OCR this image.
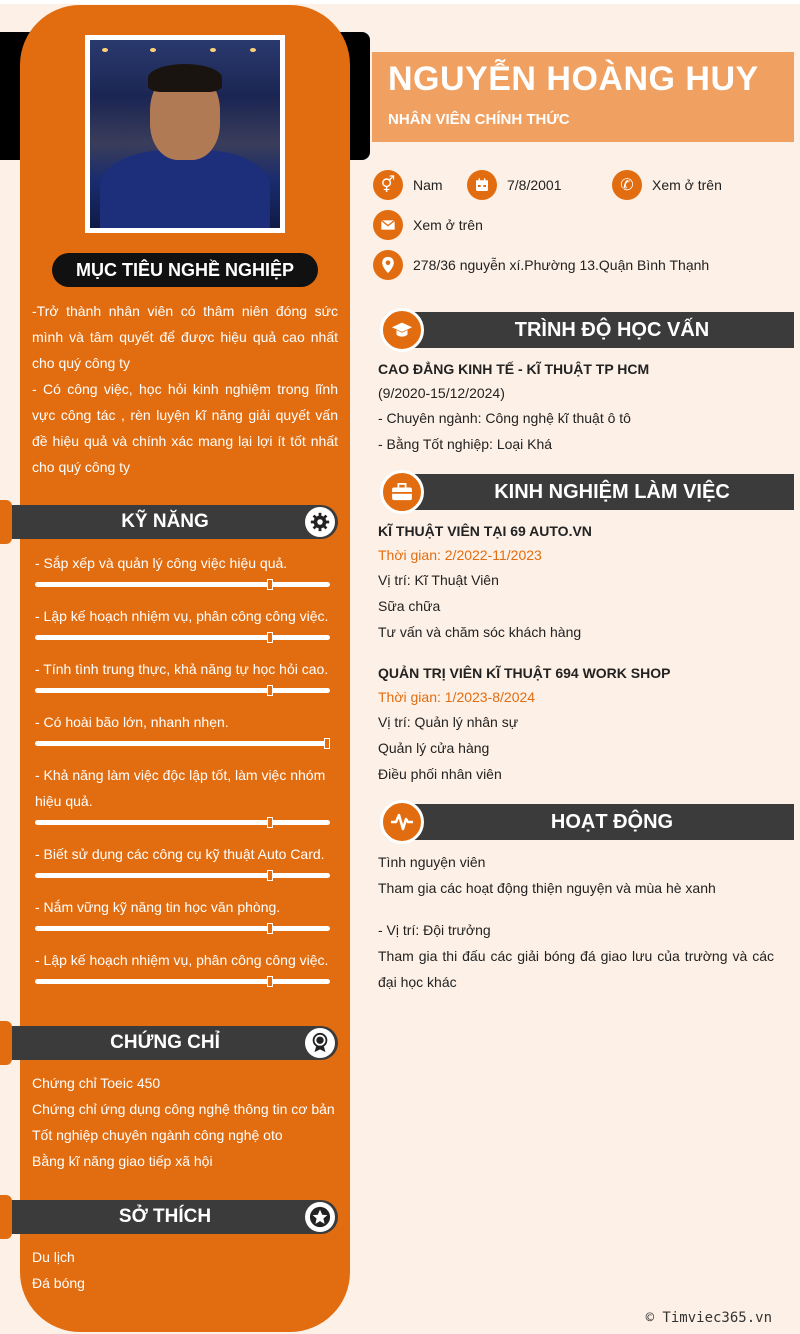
MỤC TIÊU NGHỀ NGHIỆP

-Trở thành nhân viên có thâm niên đóng sức mình và tâm quyết để được hiệu quả cao nhất cho quý công ty

- Có công việc, học hỏi kinh nghiệm trong lĩnh vực công tác , rèn luyện kĩ năng giải quyết vấn đề hiệu quả và chính xác mang lại lợi ít tốt nhất cho quý công ty

KỸ NĂNG
- Sắp xếp và quản lý công việc hiệu quả.
- Lập kế hoạch nhiệm vụ, phân công công việc.
- Tính tình trung thực, khả năng tự học hỏi cao.
- Có hoài bão lớn, nhanh nhẹn.
- Khả năng làm việc độc lập tốt, làm việc nhóm hiệu quả.
- Biết sử dụng các công cụ kỹ thuật Auto Card.
- Nắm vững kỹ năng tin học văn phòng.
- Lập kế hoạch nhiệm vụ, phân công công việc.
CHỨNG CHỈ
Chứng chỉ Toeic 450
Chứng chỉ ứng dụng công nghệ thông tin cơ bản
Tốt nghiệp chuyên ngành công nghệ oto
Bằng kĩ năng giao tiếp xã hội
SỞ THÍCH
Du lịch
Đá bóng
NGUYỄN HOÀNG HUY
NHÂN VIÊN CHÍNH THỨC
⚥	Nam	7/8/2001	✆	Xem ở trên
Xem ở trên
278/36 nguyễn xí.Phường 13.Quận Bình Thạnh
TRÌNH ĐỘ HỌC VẤN
CAO ĐẲNG KINH TẾ - KĨ THUẬT TP HCM
(9/2020-15/12/2024)
- Chuyên ngành: Công nghệ kĩ thuật ô tô
- Bằng Tốt nghiệp: Loại Khá
KINH NGHIỆM LÀM VIỆC
KĨ THUẬT VIÊN TẠI 69 AUTO.VN
Thời gian: 2/2022-11/2023
Vị trí: Kĩ Thuật Viên
Sữa chữa
Tư vấn và chăm sóc khách hàng
QUẢN TRỊ VIÊN KĨ THUẬT 694 WORK SHOP
Thời gian: 1/2023-8/2024
Vị trí: Quản lý nhân sự
Quản lý cửa hàng
Điều phối nhân viên
HOẠT ĐỘNG
Tình nguyện viên
Tham gia các hoạt động thiện nguyện và mùa hè xanh
- Vị trí: Đội trưởng
Tham gia thi đấu các giải bóng đá giao lưu của trường và các đại học khác
© Timviec365.vn
